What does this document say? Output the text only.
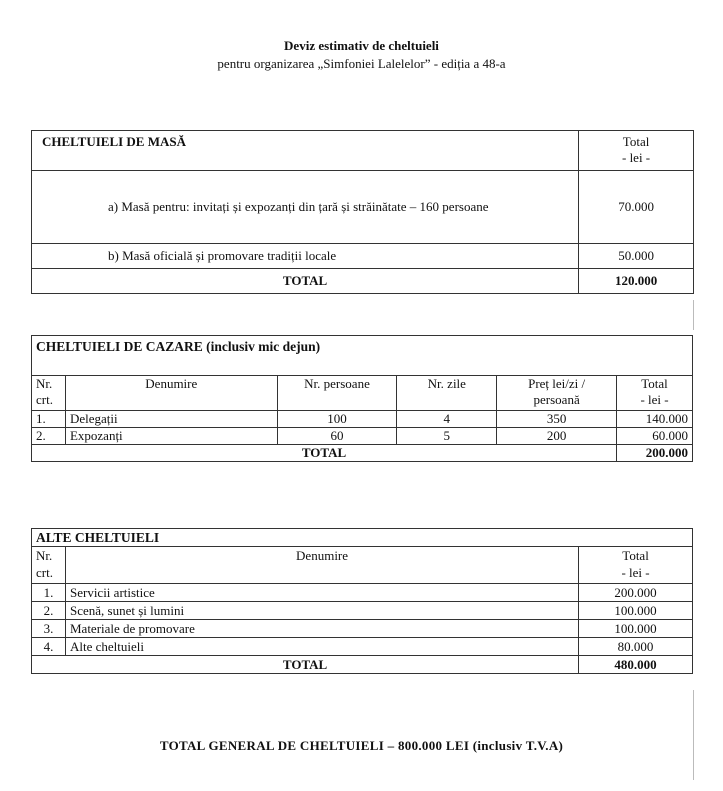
Deviz estimativ de cheltuieli
pentru organizarea „Simfoniei Lalelelor” - ediția a 48-a
CHELTUIELI DE MASĂ	Total
- lei -

a) Masă pentru: invitați și expozanți din țară și străinătate – 160 persoane	70.000
b) Masă oficială și promovare tradiții locale	50.000
TOTAL	120.000
CHELTUIELI DE CAZARE (inclusiv mic dejun)					
Nr.
crt.	Denumire	Nr. persoane	Nr. zile	Preț lei/zi /
persoană	Total
- lei -
1.	Delegații	100	4	350	140.000
2.	Expozanți	60	5	200	60.000
TOTAL					200.000
ALTE CHELTUIELI		
Nr.
crt.	Denumire	Total
- lei -
1.	Servicii artistice	200.000
2.	Scenă, sunet și lumini	100.000
3.	Materiale de promovare	100.000
4.	Alte cheltuieli	80.000
TOTAL		480.000
TOTAL GENERAL DE CHELTUIELI – 800.000 LEI (inclusiv T.V.A)
